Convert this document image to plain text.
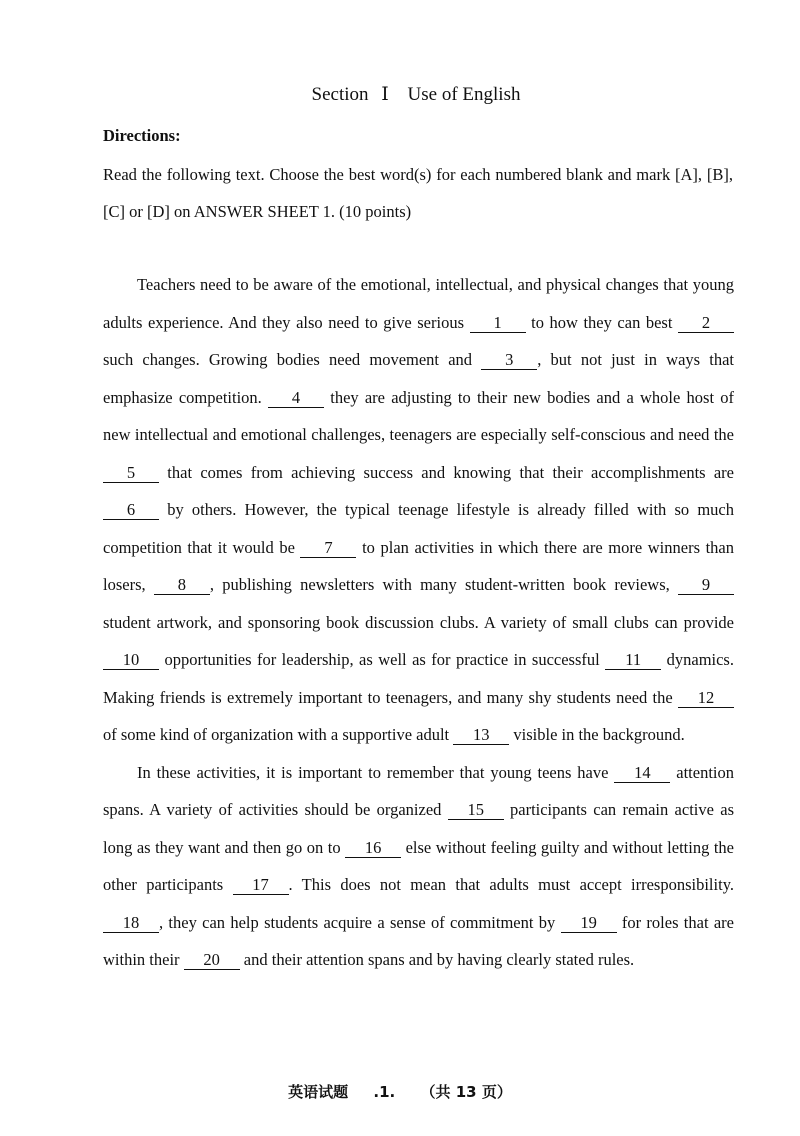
Section Ⅰ Use of English
Directions:
Read the following text. Choose the best word(s) for each numbered blank and mark [A], [B], [C] or [D] on ANSWER SHEET 1. (10 points)

Teachers need to be aware of the emotional, intellectual, and physical changes that young adults experience. And they also need to give serious 1 to how they can best 2 such changes. Growing bodies need movement and 3 , but not just in ways that emphasize competition. 4 they are adjusting to their new bodies and a whole host of new intellectual and emotional challenges, teenagers are especially self-conscious and need the 5 that comes from achieving success and knowing that their accomplishments are 6 by others. However, the typical teenage lifestyle is already filled with so much competition that it would be 7 to plan activities in which there are more winners than losers, 8 , publishing newsletters with many student-written book reviews, 9 student artwork, and sponsoring book discussion clubs. A variety of small clubs can provide 10 opportunities for leadership, as well as for practice in successful 11 dynamics. Making friends is extremely important to teenagers, and many shy students need the 12 of some kind of organization with a supportive adult 13 visible in the background.

In these activities, it is important to remember that young teens have 14 attention spans. A variety of activities should be organized 15 participants can remain active as long as they want and then go on to 16 else without feeling guilty and without letting the other participants 17 . This does not mean that adults must accept irresponsibility. 18 , they can help students acquire a sense of commitment by 19 for roles that are within their 20 and their attention spans and by having clearly stated rules.

英语试题 .1. （共 13 页）
